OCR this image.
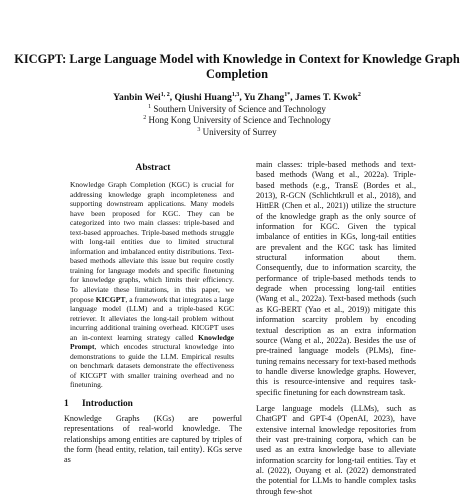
KICGPT: Large Language Model with Knowledge in Context for Knowledge Graph Completion
Yanbin Wei$^{1, 2}$, Qiushi Huang$^{1,3}$, Yu Zhang$^{1*}$, James T. Kwok$^2$
$^1$ Southern University of Science and Technology
$^2$ Hong Kong University of Science and Technology
$^3$ University of Surrey
Abstract

Knowledge Graph Completion (KGC) is crucial for addressing knowledge graph incompleteness and supporting downstream applications. Many models have been proposed for KGC. They can be categorized into two main classes: triple-based and text-based approaches. Triple-based methods struggle with long-tail entities due to limited structural information and imbalanced entity distributions. Text-based methods alleviate this issue but require costly training for language models and specific finetuning for knowledge graphs, which limits their efficiency. To alleviate these limitations, in this paper, we propose KICGPT, a framework that integrates a large language model (LLM) and a triple-based KGC retriever. It alleviates the long-tail problem without incurring additional training overhead. KICGPT uses an in-context learning strategy called Knowledge Prompt, which encodes structural knowledge into demonstrations to guide the LLM. Empirical results on benchmark datasets demonstrate the effectiveness of KICGPT with smaller training overhead and no finetuning.

1 Introduction

Knowledge Graphs (KGs) are powerful representations of real-world knowledge. The relationships among entities are captured by triples of the form ⟨head entity, relation, tail entity⟩. KGs serve as

main classes: triple-based methods and text-based methods (Wang et al., 2022a). Triple-based methods (e.g., TransE (Bordes et al., 2013), R-GCN (Schlichtkrull et al., 2018), and HittER (Chen et al., 2021)) utilize the structure of the knowledge graph as the only source of information for KGC. Given the typical imbalance of entities in KGs, long-tail entities are prevalent and the KGC task has limited structural information about them. Consequently, due to information scarcity, the performance of triple-based methods tends to degrade when processing long-tail entities (Wang et al., 2022a). Text-based methods (such as KG-BERT (Yao et al., 2019)) mitigate this information scarcity problem by encoding textual description as an extra information source (Wang et al., 2022a). Besides the use of pre-trained language models (PLMs), fine-tuning remains necessary for text-based methods to handle diverse knowledge graphs. However, this is resource-intensive and requires task-specific finetuning for each downstream task.

Large language models (LLMs), such as ChatGPT and GPT-4 (OpenAI, 2023), have extensive internal knowledge repositories from their vast pre-training corpora, which can be used as an extra knowledge base to alleviate information scarcity for long-tail entities. Tay et al. (2022), Ouyang et al. (2022) demonstrated the potential for LLMs to handle complex tasks through few-shot
